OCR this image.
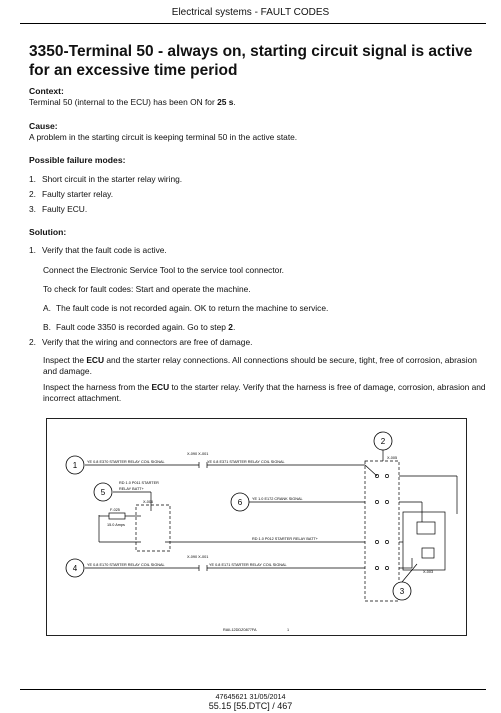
Electrical systems - FAULT CODES
3350-Terminal 50 - always on, starting circuit signal is active for an excessive time period
Context:
Terminal 50 (internal to the ECU) has been ON for 25 s.
Cause:
A problem in the starting circuit is keeping terminal 50 in the active state.
Possible failure modes:
1. Short circuit in the starter relay wiring.
2. Faulty starter relay.
3. Faulty ECU.
Solution:
1. Verify that the fault code is active.
Connect the Electronic Service Tool to the service tool connector.
To check for fault codes: Start and operate the machine.
A. The fault code is not recorded again. OK to return the machine to service.
B. Fault code 3350 is recorded again. Go to step 2.
2. Verify that the wiring and connectors are free of damage.
Inspect the ECU and the starter relay connections. All connections should be secure, tight, free of corrosion, abrasion and damage.
Inspect the harness from the ECU to the starter relay. Verify that the harness is free of damage, corrosion, abrasion and incorrect attachment.
1
2
3
4
5
6
YE 0.8 E370 STARTER RELAY COIL SIGNAL	YE 0.8 E371 STARTER RELAY COIL SIGNAL
X-090 X-001
RD 1.0 P011 STARTER
RELAY BATT+
X-006
F-025
15.0 Amps
YE 1.0 E172 CRANK SIGNAL
RD 1.0 P012 STARTER RELAY BATT+
YE 0.8 E170 STARTER RELAY COIL SIGNAL	YE 0.8 E171 STARTER RELAY COIL SIGNAL
X-090 X-001
X-005
X-003
RAIL12DDZ0877FA	1
47645621 31/05/2014
55.15 [55.DTC] / 467
